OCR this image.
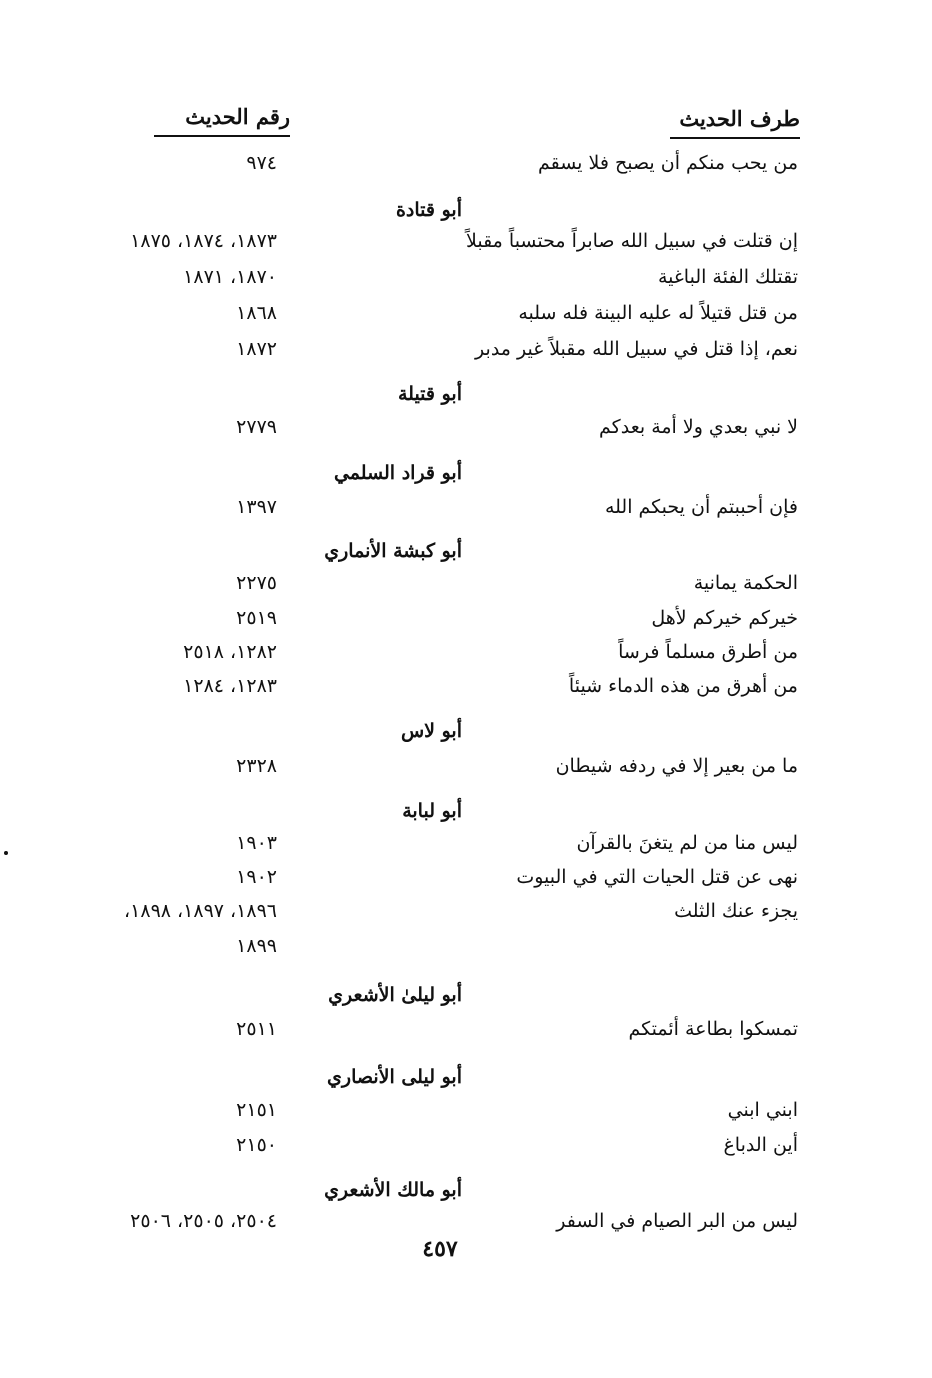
طرف الحديث
رقم الحديث
من يحب منكم أن يصبح فلا يسقم
٩٧٤
أبو قتادة
إن قتلت في سبيل الله صابراً محتسباً مقبلاً
١٨٧٣، ١٨٧٤، ١٨٧٥
تقتلك الفئة الباغية
١٨٧٠، ١٨٧١
من قتل قتيلاً له عليه البينة فله سلبه
١٨٦٨
نعم، إذا قتل في سبيل الله مقبلاً غير مدبر
١٨٧٢
أبو قتيلة
لا نبي بعدي ولا أمة بعدكم
٢٧٧٩
أبو قراد السلمي
فإن أحببتم أن يحبكم الله
١٣٩٧
أبو كبشة الأنماري
الحكمة يمانية
٢٢٧٥
خيركم خيركم لأهل
٢٥١٩
من أطرق مسلماً فرساً
١٢٨٢، ٢٥١٨
من أهرق من هذه الدماء شيئاً
١٢٨٣، ١٢٨٤
أبو لاس
ما من بعير إلا في ردفه شيطان
٢٣٢٨
أبو لبابة
ليس منا من لم يتغنَ بالقرآن
١٩٠٣
نهى عن قتل الحيات التي في البيوت
١٩٠٢
يجزء عنك الثلث
١٨٩٦، ١٨٩٧، ١٨٩٨،
١٨٩٩
أبو ليلىٰ الأشعري
تمسكوا بطاعة أئمتكم
٢٥١١
أبو ليلى الأنصاري
ابني ابني
٢١٥١
أين الدباغ
٢١٥٠
أبو مالك الأشعري
ليس من البر الصيام في السفر
٢٥٠٤، ٢٥٠٥، ٢٥٠٦
٤٥٧
